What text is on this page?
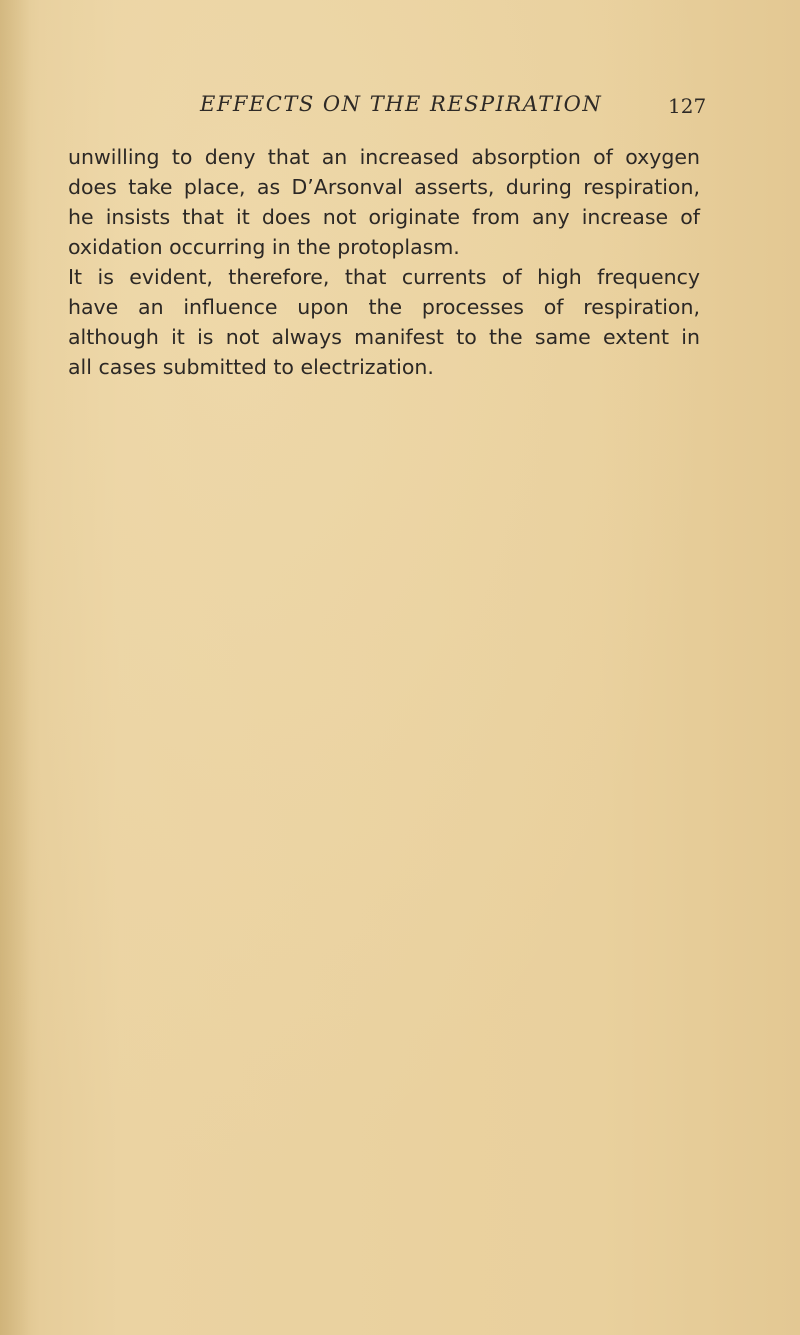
EFFECTS ON THE RESPIRATION	127
unwilling to deny that an increased absorption of oxygen
does take place, as D’Arsonval asserts, during respiration,
he insists that it does not originate from any increase of
oxidation occurring in the protoplasm.
It is evident, therefore, that currents of high frequency
have an influence upon the processes of respiration,
although it is not always manifest to the same extent in
all cases submitted to electrization.
